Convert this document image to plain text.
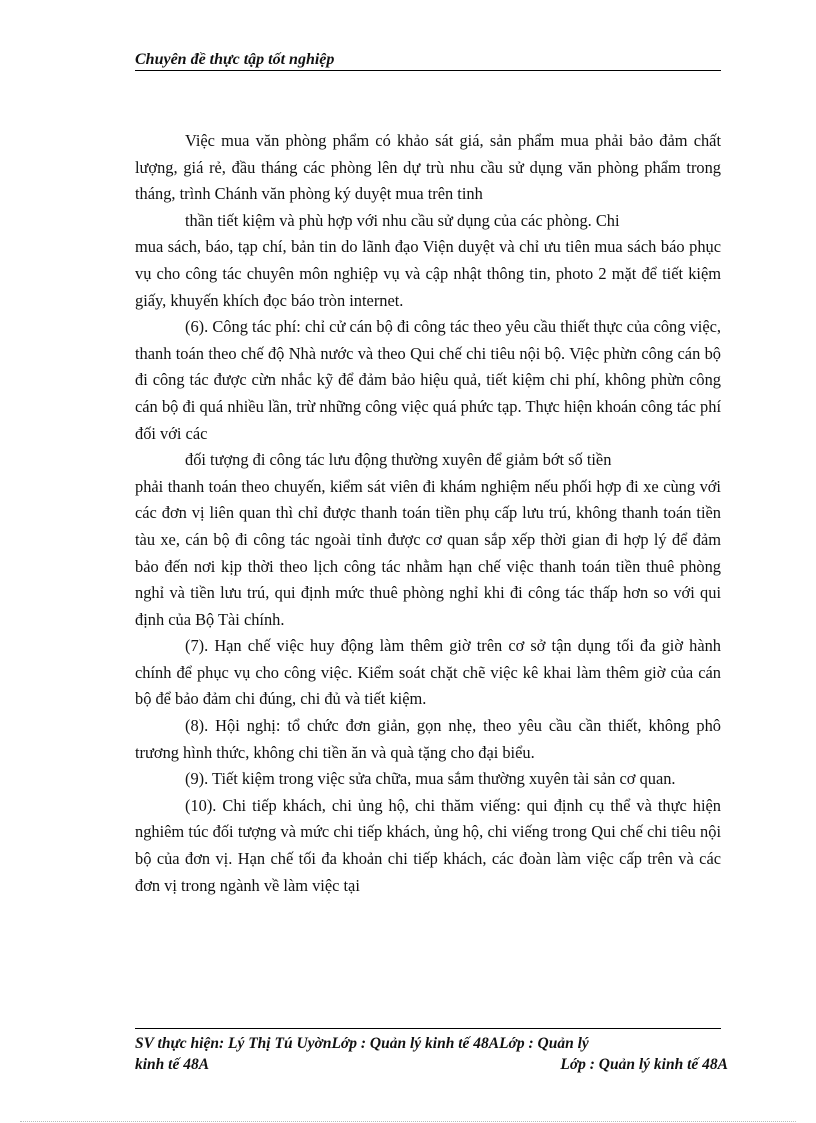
Chuyên đề thực tập tốt nghiệp

Việc mua văn phòng phẩm có khảo sát giá, sản phẩm mua phải bảo đảm chất lượng, giá rẻ, đầu tháng các phòng lên dự trù nhu cầu sử dụng văn phòng phẩm trong tháng, trình Chánh văn phòng ký duyệt mua trên tinh

thần tiết kiệm và phù hợp với nhu cầu sử dụng của các phòng. Chi

mua sách, báo, tạp chí, bản tin do lãnh đạo Viện duyệt và chỉ ưu tiên mua sách báo phục vụ cho công tác chuyên môn nghiệp vụ và cập nhật thông tin, photo 2 mặt để tiết kiệm giấy, khuyến khích đọc báo tròn internet.

(6). Công tác phí: chỉ cử cán bộ đi công tác theo yêu cầu thiết thực của công việc, thanh toán theo chế độ Nhà nước và theo Qui chế chi tiêu nội bộ. Việc phừn công cán bộ đi công tác được cừn nhắc kỹ để đảm bảo hiệu quả, tiết kiệm chi phí, không phừn công cán bộ đi quá nhiều lần, trừ những công việc quá phức tạp. Thực hiện khoán công tác phí đối với các

đối tượng đi công tác lưu động thường xuyên để giảm bớt số tiền

phải thanh toán theo chuyến, kiểm sát viên đi khám nghiệm nếu phối hợp đi xe cùng với các đơn vị liên quan thì chỉ được thanh toán tiền phụ cấp lưu trú, không thanh toán tiền tàu xe, cán bộ đi công tác ngoài tỉnh được cơ quan sắp xếp thời gian đi hợp lý để đảm bảo đến nơi kịp thời theo lịch công tác nhằm hạn chế việc thanh toán tiền thuê phòng nghỉ và tiền lưu trú, qui định mức thuê phòng nghỉ khi đi công tác thấp hơn so với qui định của Bộ Tài chính.

(7). Hạn chế việc huy động làm thêm giờ trên cơ sở tận dụng tối đa giờ hành chính để phục vụ cho công việc. Kiểm soát chặt chẽ việc kê khai làm thêm giờ của cán bộ để bảo đảm chi đúng, chi đủ và tiết kiệm.

(8). Hội nghị: tổ chức đơn giản, gọn nhẹ, theo yêu cầu cần thiết, không phô trương hình thức, không chi tiền ăn và quà tặng cho đại biểu.

(9). Tiết kiệm trong việc sửa chữa, mua sắm thường xuyên tài sản cơ quan.

(10). Chi tiếp khách, chi ủng hộ, chi thăm viếng: qui định cụ thể và thực hiện nghiêm túc đối tượng và mức chi tiếp khách, ủng hộ, chi viếng trong Qui chế chi tiêu nội bộ của đơn vị. Hạn chế tối đa khoản chi tiếp khách, các đoàn làm việc cấp trên và các đơn vị trong ngành về làm việc tại

SV thực hiện: Lý Thị Tú UyờnLớp : Quản lý kinh tế 48ALớp : Quản lý
kinh tế 48A	Lớp : Quản lý kinh tế 48A
